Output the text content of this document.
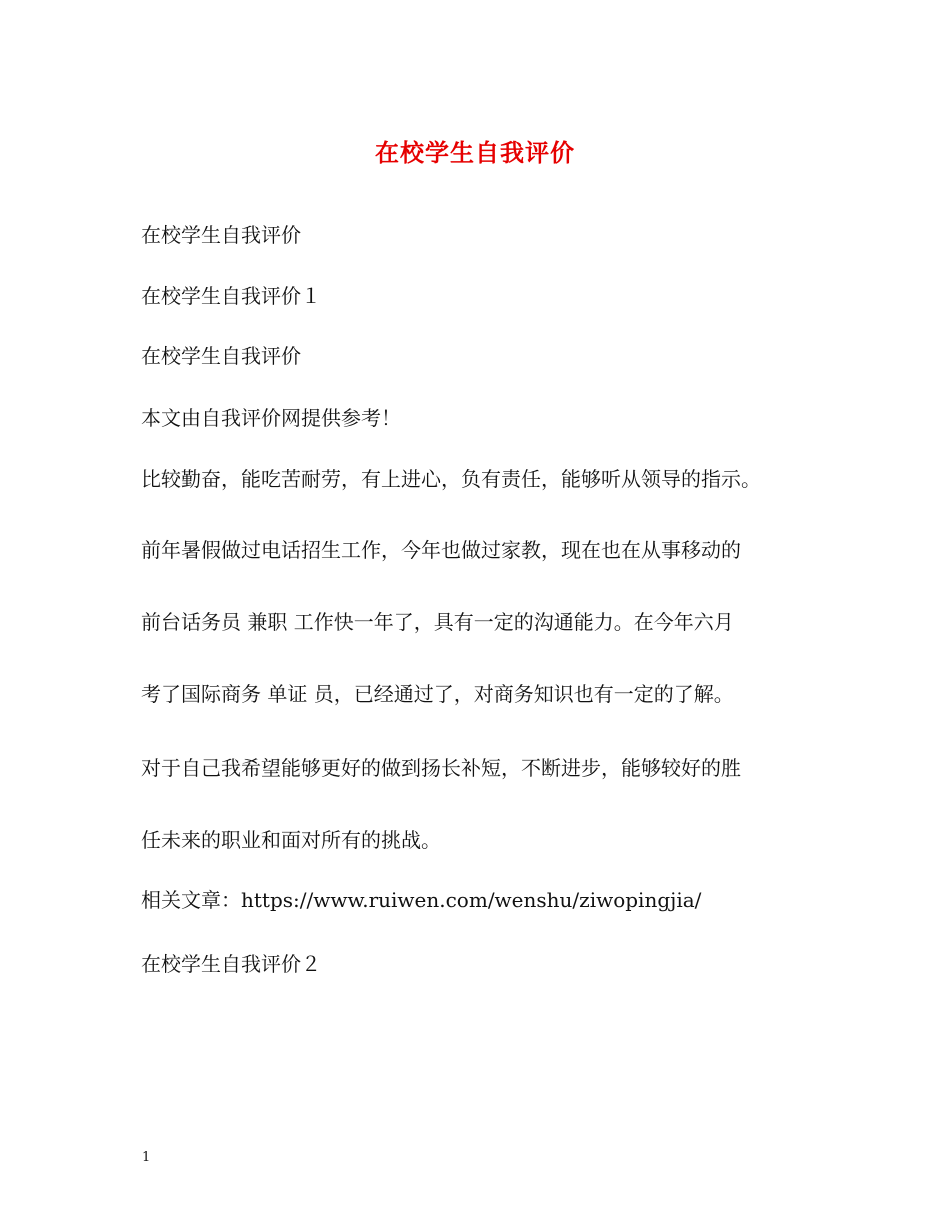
在校学生自我评价
在校学生自我评价
在校学生自我评价１
在校学生自我评价
本文由自我评价网提供参考！
比较勤奋，能吃苦耐劳，有上进心，负有责任，能够听从领导的指示。
前年暑假做过电话招生工作，今年也做过家教，现在也在从事移动的
前台话务员 兼职 工作快一年了，具有一定的沟通能力。在今年六月
考了国际商务 单证 员，已经通过了，对商务知识也有一定的了解。
对于自己我希望能够更好的做到扬长补短，不断进步，能够较好的胜
任未来的职业和面对所有的挑战。
相关文章：https://www.ruiwen.com/wenshu/ziwopingjia/
在校学生自我评价２
1
